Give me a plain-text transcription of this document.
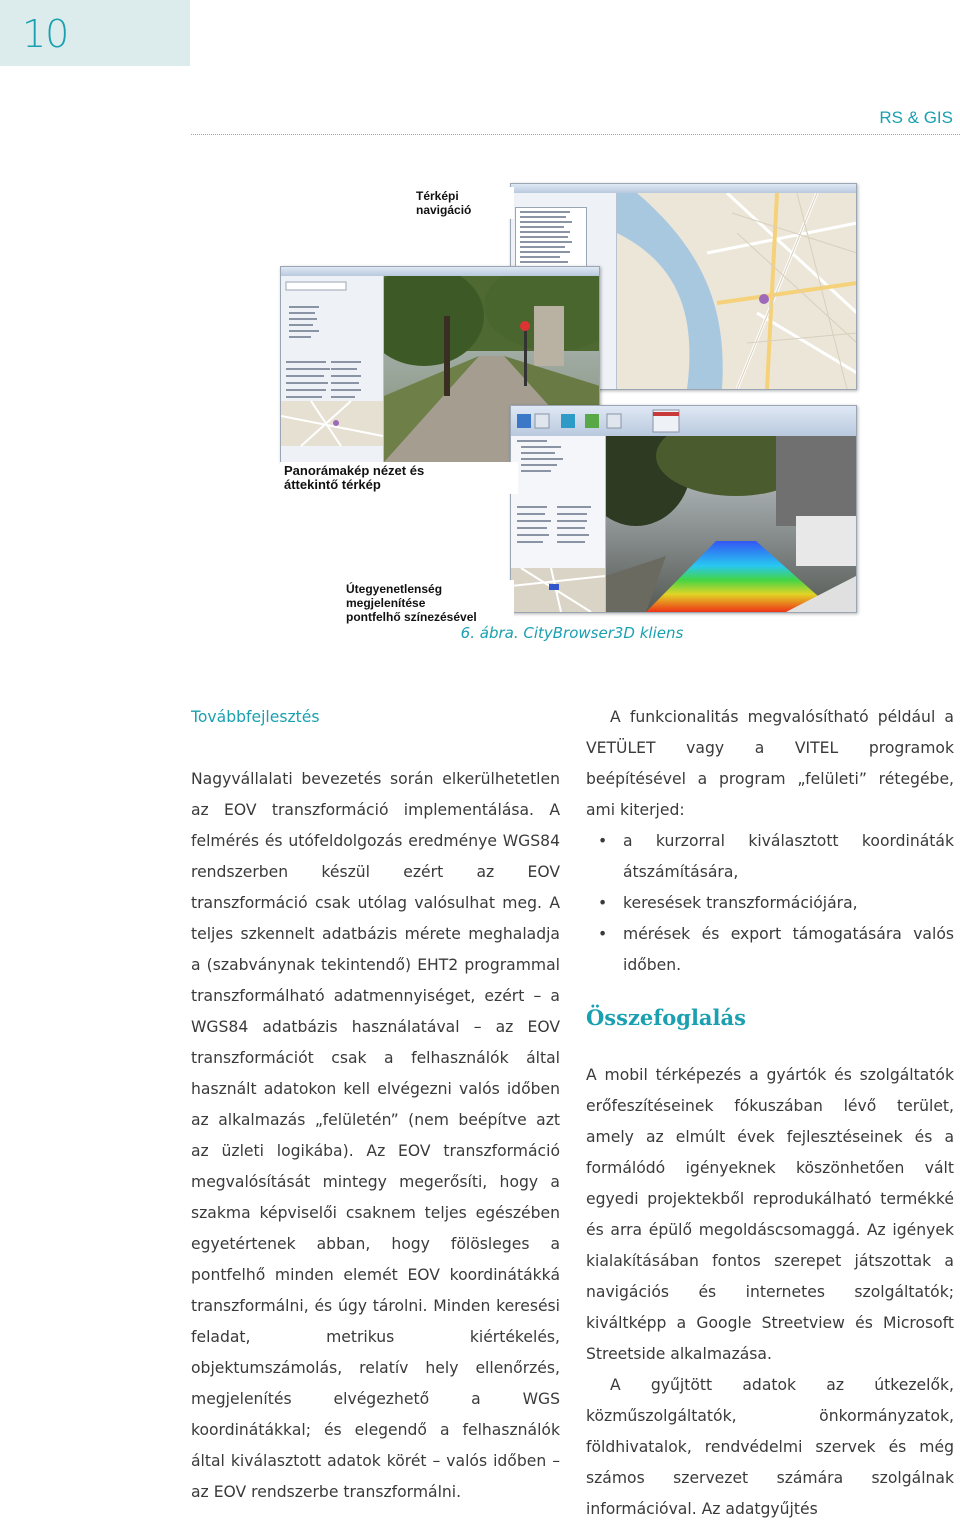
10
RS & GIS
Térképi navigáció
Panorámakép nézet és
áttekintő térkép
Útegyenetlenség megjelenítése
pontfelhő színezésével
6. ábra. CityBrowser3D kliens

Továbbfejlesztés

Nagyvállalati bevezetés során elkerülhetetlen az EOV transzformáció implementálása. A felmérés és utófeldolgozás eredménye WGS84 rendszerben készül ezért az EOV transzformáció csak utólag valósulhat meg. A teljes szkennelt adatbázis mérete meghaladja a (szabványnak tekintendő) EHT2 programmal transzformálható adatmennyiséget, ezért – a WGS84 adatbázis használatával – az EOV transzformációt csak a felhasználók által használt adatokon kell elvégezni valós időben az alkalmazás „felületén” (nem beépítve azt az üzleti logikába). Az EOV transzformáció megvalósítását mintegy megerősíti, hogy a szakma képviselői csaknem teljes egészében egyetértenek abban, hogy fölösleges a pontfelhő minden elemét EOV koordinátákká transzformálni, és úgy tárolni. Minden keresési feladat, metrikus kiértékelés, objektumszámolás, relatív hely ellenőrzés, megjelenítés elvégezhető a WGS koordinátákkal; és elegendő a felhasználók által kiválasztott adatok körét – valós időben – az EOV rendszerbe transzformálni.

A funkcionalitás megvalósítható például a VETÜLET vagy a VITEL programok beépítésével a program „felületi” rétegébe, ami kiterjed:

• a kurzorral kiválasztott koordináták átszámítására,
• keresések transzformációjára,
• mérések és export támogatására valós időben.

Összefoglalás

A mobil térképezés a gyártók és szolgáltatók erőfeszítéseinek fókuszában lévő terület, amely az elmúlt évek fejlesztéseinek és a formálódó igényeknek köszönhetően vált egyedi projektekből reprodukálható termékké és arra épülő megoldáscsomaggá. Az igények kialakításában fontos szerepet játszottak a navigációs és internetes szolgáltatók; kiváltképp a Google Streetview és Microsoft Streetside alkalmazása.

A gyűjtött adatok az útkezelők, közműszolgáltatók, önkormányzatok, földhivatalok, rendvédelmi szervek és még számos szervezet számára szolgálnak információval. Az adatgyűjtés
